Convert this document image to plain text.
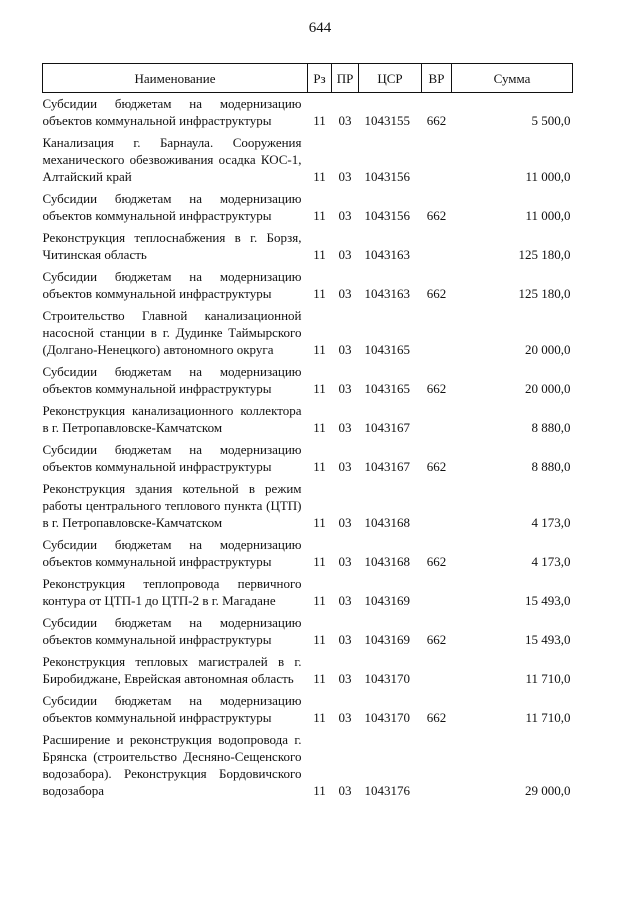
644
Наименование	Рз	ПР	ЦСР	ВР	Сумма
Субсидии бюджетам на модернизацию объектов коммунальной инфраструктуры	11	03	1043155	662	5 500,0
Канализация г. Барнаула. Сооружения механического обезвоживания осадка КОС-1, Алтайский край	11	03	1043156		11 000,0
Субсидии бюджетам на модернизацию объектов коммунальной инфраструктуры	11	03	1043156	662	11 000,0
Реконструкция теплоснабжения в г. Борзя, Читинская область	11	03	1043163		125 180,0
Субсидии бюджетам на модернизацию объектов коммунальной инфраструктуры	11	03	1043163	662	125 180,0
Строительство Главной канализационной насосной станции в г. Дудинке Таймырского (Долгано-Ненецкого) автономного округа	11	03	1043165		20 000,0
Субсидии бюджетам на модернизацию объектов коммунальной инфраструктуры	11	03	1043165	662	20 000,0
Реконструкция канализационного коллектора в г. Петропавловске-Камчатском	11	03	1043167		8 880,0
Субсидии бюджетам на модернизацию объектов коммунальной инфраструктуры	11	03	1043167	662	8 880,0
Реконструкция здания котельной в режим работы центрального теплового пункта (ЦТП) в г. Петропавловске-Камчатском	11	03	1043168		4 173,0
Субсидии бюджетам на модернизацию объектов коммунальной инфраструктуры	11	03	1043168	662	4 173,0
Реконструкция теплопровода первичного контура от ЦТП-1 до ЦТП-2 в г. Магадане	11	03	1043169		15 493,0
Субсидии бюджетам на модернизацию объектов коммунальной инфраструктуры	11	03	1043169	662	15 493,0
Реконструкция тепловых магистралей в г. Биробиджане, Еврейская автономная область	11	03	1043170		11 710,0
Субсидии бюджетам на модернизацию объектов коммунальной инфраструктуры	11	03	1043170	662	11 710,0
Расширение и реконструкция водопровода г. Брянска (строительство Десняно-Сещенского водозабора). Реконструкция Бордовичского водозабора	11	03	1043176		29 000,0
